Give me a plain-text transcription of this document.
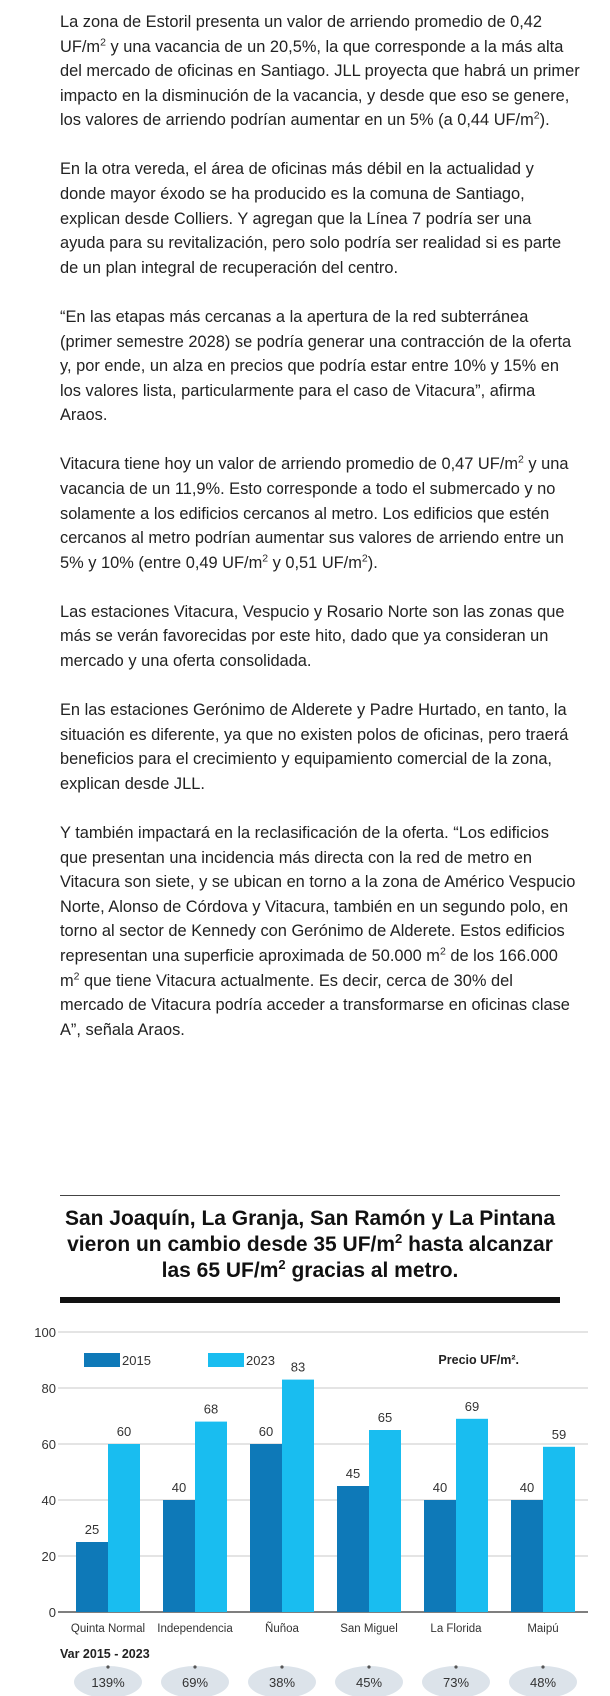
La zona de Estoril presenta un valor de arriendo promedio de 0,42 $UF/m^2$ y una vacancia de un 20,5%, la que corresponde a la más alta del mercado de oficinas en Santiago. JLL proyecta que habrá un primer impacto en la disminución de la vacancia, y desde que eso se genere, los valores de arriendo podrían aumentar en un 5% (a 0,44 $UF/m^2$).

En la otra vereda, el área de oficinas más débil en la actualidad y donde mayor éxodo se ha producido es la comuna de Santiago, explican desde Colliers. Y agregan que la Línea 7 podría ser una ayuda para su revitalización, pero solo podría ser realidad si es parte de un plan integral de recuperación del centro.

“En las etapas más cercanas a la apertura de la red subterránea (primer semestre 2028) se podría generar una contracción de la oferta y, por ende, un alza en precios que podría estar entre 10% y 15% en los valores lista, particularmente para el caso de Vitacura”, afirma Araos.

Vitacura tiene hoy un valor de arriendo promedio de 0,47 $UF/m^2$ y una vacancia de un 11,9%. Esto corresponde a todo el submercado y no solamente a los edificios cercanos al metro. Los edificios que estén cercanos al metro podrían aumentar sus valores de arriendo entre un 5% y 10% (entre 0,49 $UF/m^2$ y 0,51 $UF/m^2$).

Las estaciones Vitacura, Vespucio y Rosario Norte son las zonas que más se verán favorecidas por este hito, dado que ya consideran un mercado y una oferta consolidada.

En las estaciones Gerónimo de Alderete y Padre Hurtado, en tanto, la situación es diferente, ya que no existen polos de oficinas, pero traerá beneficios para el crecimiento y equipamiento comercial de la zona, explican desde JLL.

Y también impactará en la reclasificación de la oferta. “Los edificios que presentan una incidencia más directa con la red de metro en Vitacura son siete, y se ubican en torno a la zona de Américo Vespucio Norte, Alonso de Córdova y Vitacura, también en un segundo polo, en torno al sector de Kennedy con Gerónimo de Alderete. Estos edificios representan una superficie aproximada de 50.000 $m^2$ de los 166.000 $m^2$ que tiene Vitacura actualmente. Es decir, cerca de 30% del mercado de Vitacura podría acceder a transformarse en oficinas clase A”, señala Araos.

San Joaquín, La Granja, San Ramón y La Pintana vieron un cambio desde 35 $UF/m^2$ hasta alcanzar las 65 $UF/m^2$ gracias al metro.
0
20
40
60
80
100
25
60
Quinta Normal
40
68
Independencia
60
83
Ñuñoa
45
65
San Miguel
40
69
La Florida
40
59
Maipú
2015	2023	Precio UF/m².
Var 2015 - 2023
139%	69%	38%	45%	73%	48%
